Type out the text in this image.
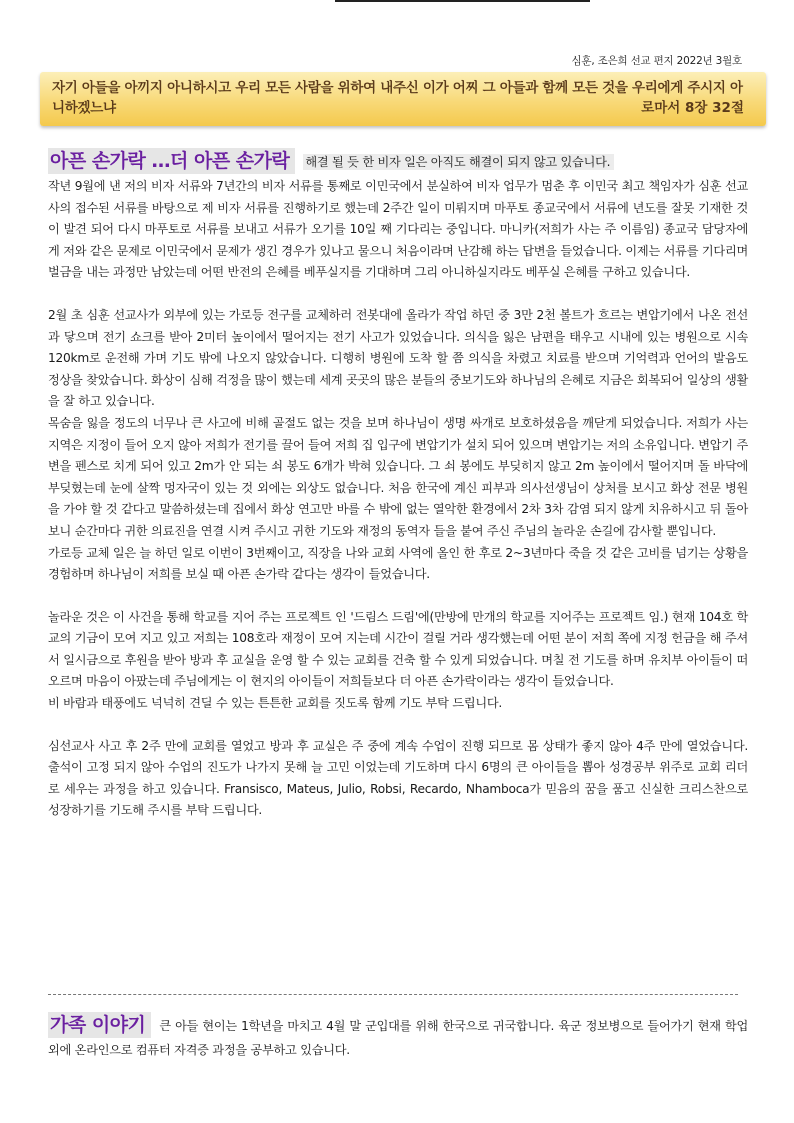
심훈, 조은희 선교 편지 2022년 3월호
자기 아들을 아끼지 아니하시고 우리 모든 사람을 위하여 내주신 이가 어찌 그 아들과 함께 모든 것을 우리에게 주시지 아니하겠느냐	로마서 8장 32절

아픈 손가락 …더 아픈 손가락 해결 될 듯 한 비자 일은 아직도 해결이 되지 않고 있습니다.

작년 9월에 낸 저의 비자 서류와 7년간의 비자 서류를 통째로 이민국에서 분실하여 비자 업무가 멈춘 후 이민국 최고 책임자가 심훈 선교사의 접수된 서류를 바탕으로 제 비자 서류를 진행하기로 했는데 2주간 일이 미뤄지며 마푸토 종교국에서 서류에 년도를 잘못 기재한 것이 발견 되어 다시 마푸토로 서류를 보내고 서류가 오기를 10일 째 기다리는 중입니다. 마니카(저희가 사는 주 이름임) 종교국 담당자에게 저와 같은 문제로 이민국에서 문제가 생긴 경우가 있나고 물으니 처음이라며 난감해 하는 답변을 들었습니다. 이제는 서류를 기다리며 벌금을 내는 과정만 남았는데 어떤 반전의 은혜를 베푸실지를 기대하며 그리 아니하실지라도 베푸실 은혜를 구하고 있습니다.

2월 초 심훈 선교사가 외부에 있는 가로등 전구를 교체하러 전봇대에 올라가 작업 하던 중 3만 2천 볼트가 흐르는 변압기에서 나온 전선과 닿으며 전기 쇼크를 받아 2미터 높이에서 떨어지는 전기 사고가 있었습니다. 의식을 잃은 남편을 태우고 시내에 있는 병원으로 시속 120km로 운전해 가며 기도 밖에 나오지 않았습니다. 디행히 병원에 도착 할 쯤 의식을 차렸고 치료를 받으며 기억력과 언어의 발음도 정상을 찾았습니다. 화상이 심해 걱정을 많이 했는데 세계 곳곳의 많은 분들의 중보기도와 하나님의 은혜로 지금은 회복되어 일상의 생활을 잘 하고 있습니다.

목숨을 잃을 정도의 너무나 큰 사고에 비해 골절도 없는 것을 보며 하나님이 생명 싸개로 보호하셨음을 깨닫게 되었습니다. 저희가 사는 지역은 지정이 들어 오지 않아 저희가 전기를 끌어 들여 저희 집 입구에 변압기가 설치 되어 있으며 변압기는 저의 소유입니다. 변압기 주변을 펜스로 치게 되어 있고 2m가 안 되는 쇠 봉도 6개가 박혀 있습니다. 그 쇠 봉에도 부딪히지 않고 2m 높이에서 떨어지며 돌 바닥에 부딪혔는데 눈에 살짝 멍자국이 있는 것 외에는 외상도 없습니다. 처음 한국에 계신 피부과 의사선생님이 상처를 보시고 화상 전문 병원을 가야 할 것 같다고 말씀하셨는데 집에서 화상 연고만 바를 수 밖에 없는 열악한 환경에서 2차 3차 감염 되지 않게 치유하시고 뒤 돌아 보니 순간마다 귀한 의료진을 연결 시켜 주시고 귀한 기도와 재정의 동역자 들을 붙여 주신 주님의 놀라운 손길에 감사할 뿐입니다.

가로등 교체 일은 늘 하던 일로 이번이 3번째이고, 직장을 나와 교회 사역에 올인 한 후로 2~3년마다 죽을 것 같은 고비를 넘기는 상황을 경험하며 하나님이 저희를 보실 때 아픈 손가락 같다는 생각이 들었습니다.

놀라운 것은 이 사건을 통해 학교를 지어 주는 프로젝트 인 '드림스 드림'에(만방에 만개의 학교를 지어주는 프로젝트 임.) 현재 104호 학교의 기금이 모여 지고 있고 저희는 108호라 재정이 모여 지는데 시간이 걸릴 거라 생각했는데 어떤 분이 저희 쪽에 지정 헌금을 해 주셔서 일시금으로 후원을 받아 방과 후 교실을 운영 할 수 있는 교회를 건축 할 수 있게 되었습니다. 며칠 전 기도를 하며 유치부 아이들이 떠 오르며 마음이 아팠는데 주님에게는 이 현지의 아이들이 저희들보다 더 아픈 손가락이라는 생각이 들었습니다.

비 바람과 태풍에도 넉넉히 견딜 수 있는 튼튼한 교회를 짓도록 함께 기도 부탁 드립니다.

심선교사 사고 후 2주 만에 교회를 열었고 방과 후 교실은 주 중에 계속 수업이 진행 되므로 몸 상태가 좋지 않아 4주 만에 열었습니다. 출석이 고정 되지 않아 수업의 진도가 나가지 못해 늘 고민 이었는데 기도하며 다시 6명의 큰 아이들을 뽑아 성경공부 위주로 교회 리더로 세우는 과정을 하고 있습니다. Fransisco, Mateus, Julio, Robsi, Recardo, Nhamboca가 믿음의 꿈을 품고 신실한 크리스찬으로 성장하기를 기도해 주시를 부탁 드립니다.

가족 이야기 큰 아들 현이는 1학년을 마치고 4월 말 군입대를 위해 한국으로 귀국합니다. 육군 정보병으로 들어가기 현재 학업 외에 온라인으로 컴퓨터 자격증 과정을 공부하고 있습니다.
